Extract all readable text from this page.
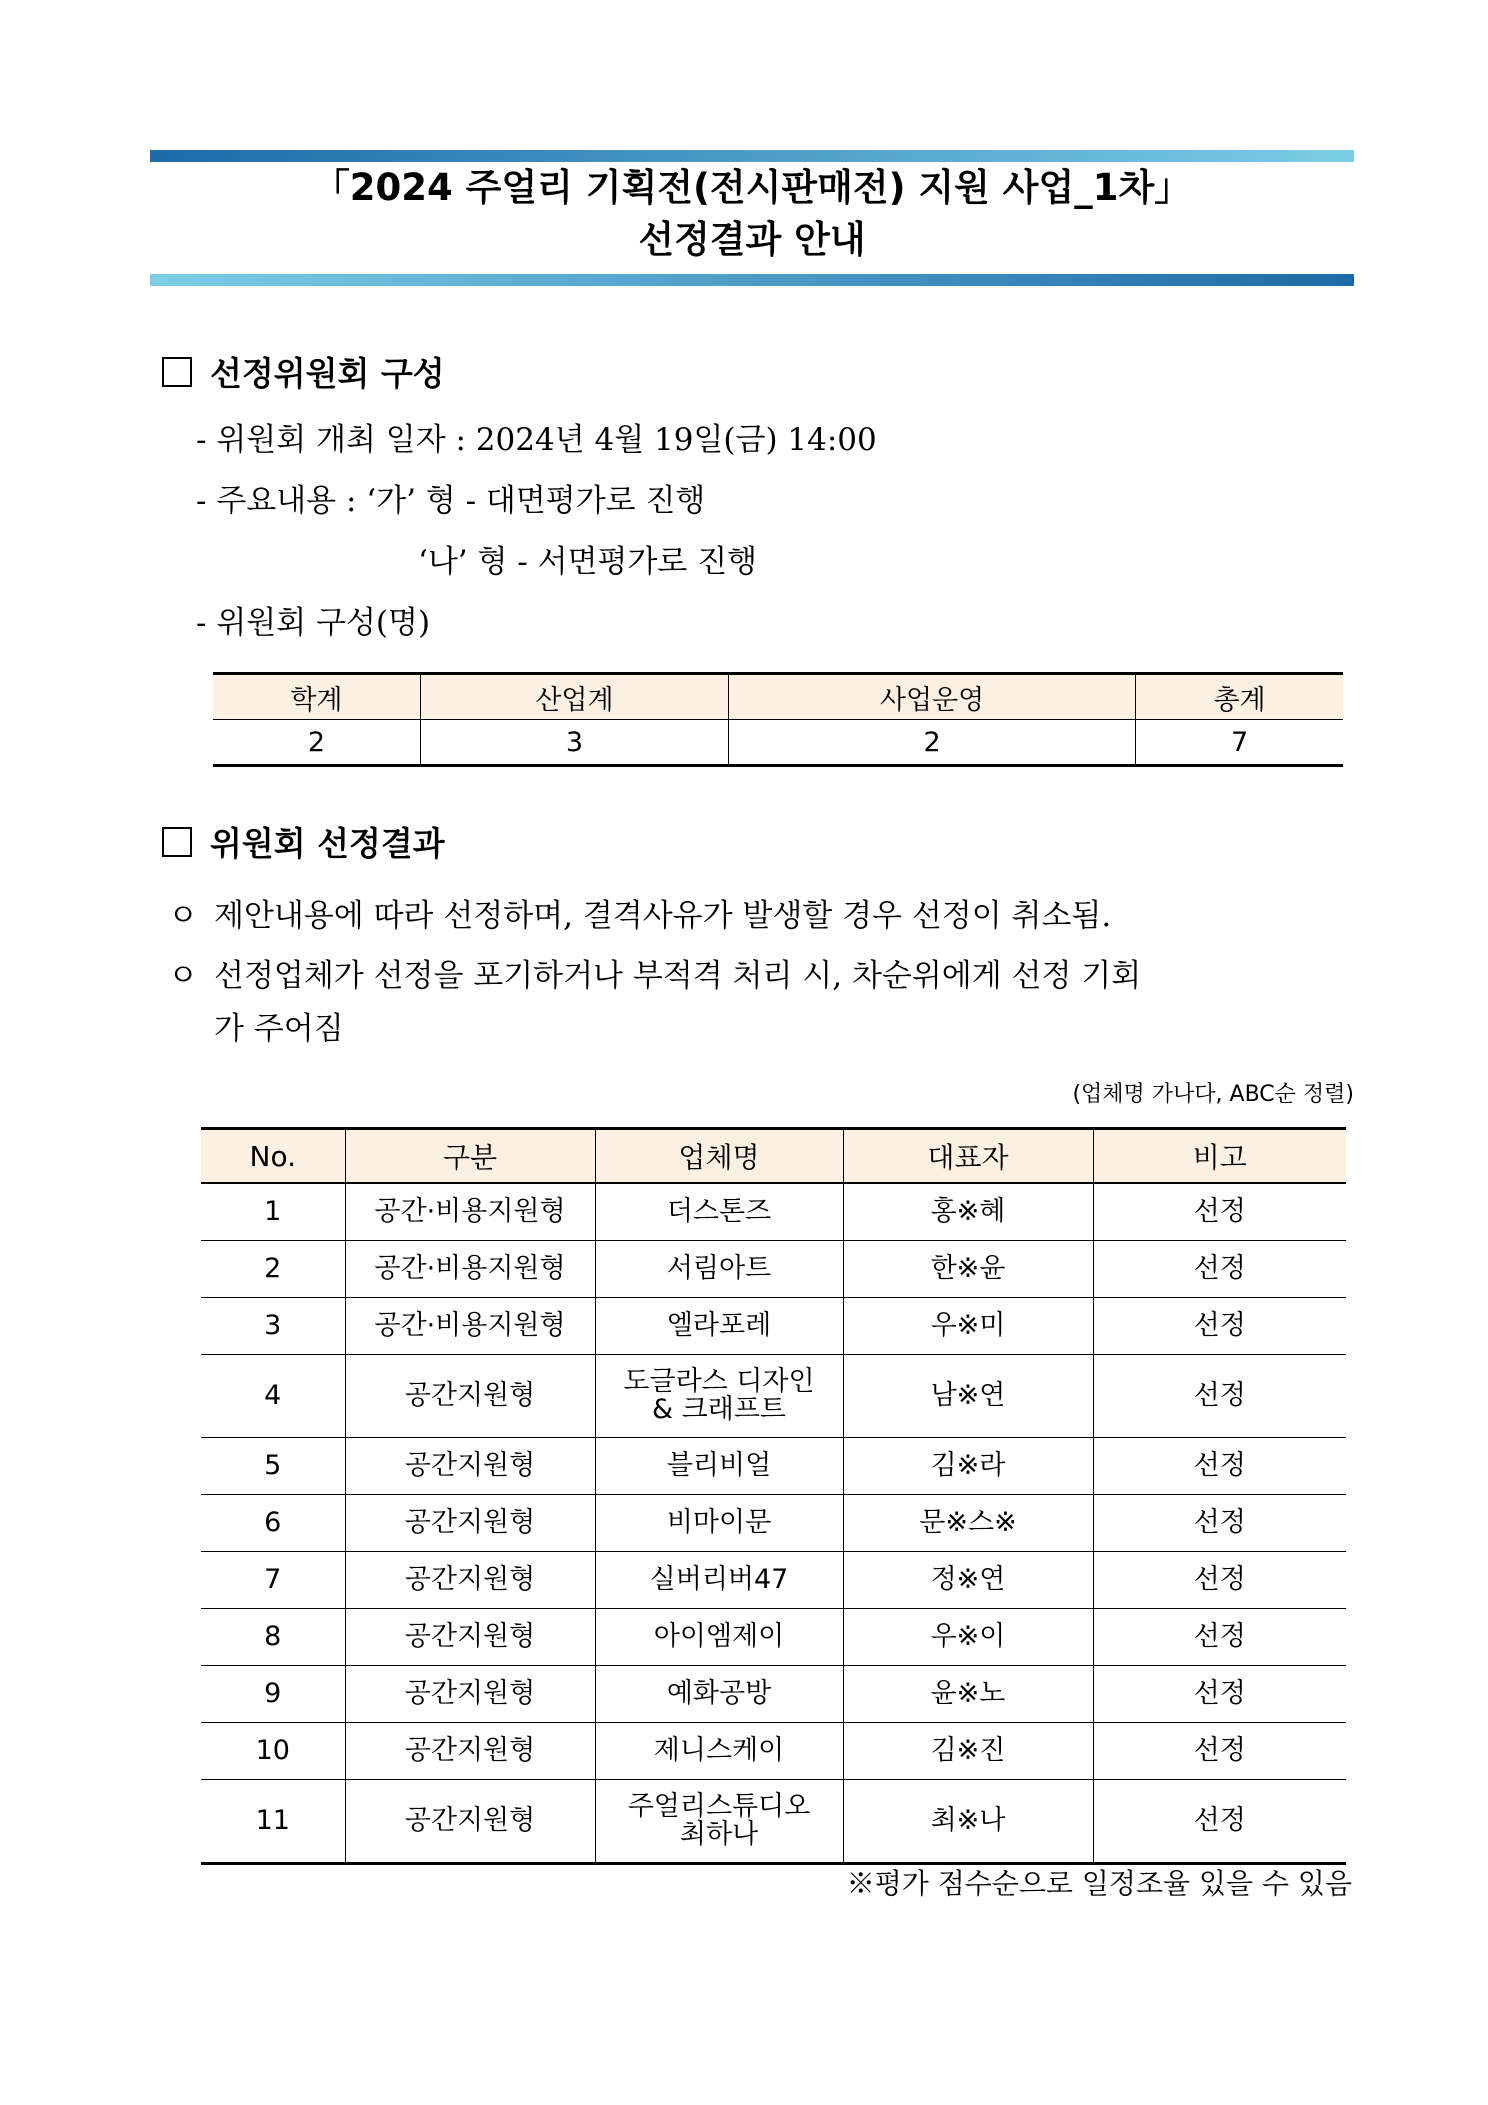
「2024 주얼리 기획전(전시판매전) 지원 사업_1차」
선정결과 안내
선정위원회 구성
- 위원회 개최 일자 : 2024년 4월 19일(금) 14:00
- 주요내용 : ‘가’ 형 - 대면평가로 진행
‘나’ 형 - 서면평가로 진행
- 위원회 구성(명)
학계	산업계	사업운영	총계
2	3	2	7
위원회 선정결과
ㅇ 제안내용에 따라 선정하며, 결격사유가 발생할 경우 선정이 취소됨.
ㅇ 선정업체가 선정을 포기하거나 부적격 처리 시, 차순위에게 선정 기회
가 주어짐
(업체명 가나다, ABC순 정렬)
No.	구분	업체명	대표자	비고
1	공간·비용지원형	더스톤즈	홍※혜	선정
2	공간·비용지원형	서림아트	한※윤	선정
3	공간·비용지원형	엘라포레	우※미	선정
4	공간지원형	도글라스 디자인
& 크래프트	남※연	선정
5	공간지원형	블리비얼	김※라	선정
6	공간지원형	비마이문	문※스※	선정
7	공간지원형	실버리버47	정※연	선정
8	공간지원형	아이엠제이	우※이	선정
9	공간지원형	예화공방	윤※노	선정
10	공간지원형	제니스케이	김※진	선정
11	공간지원형	주얼리스튜디오
최하나	최※나	선정
※평가 점수순으로 일정조율 있을 수 있음
